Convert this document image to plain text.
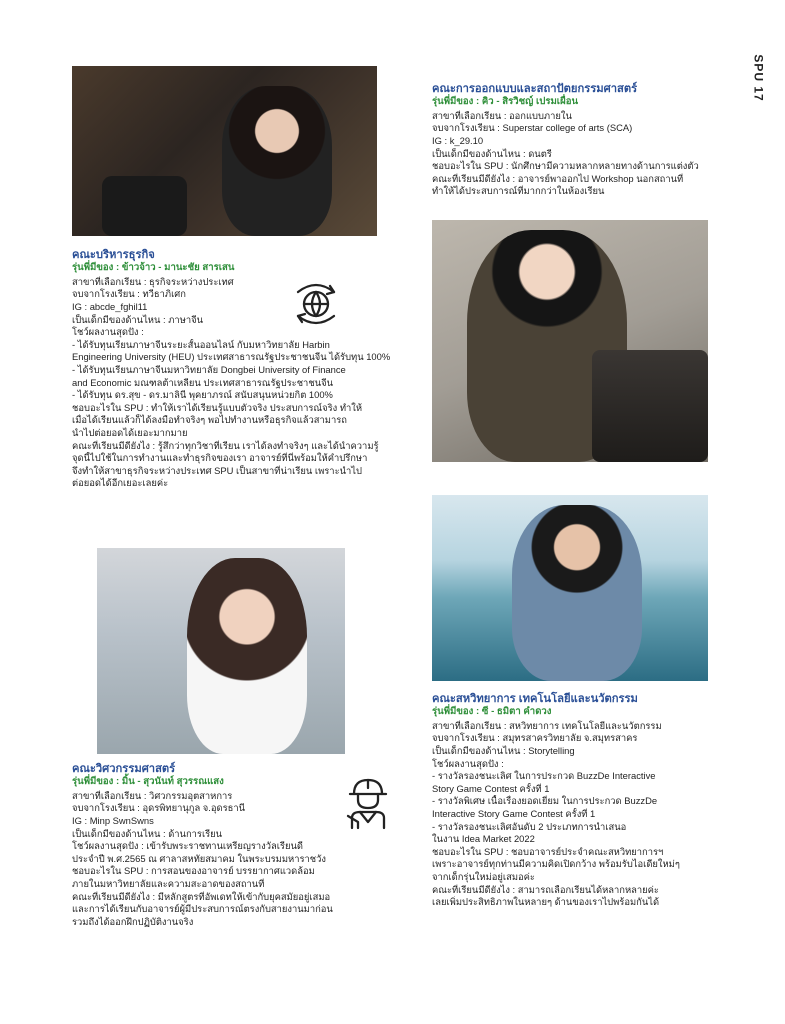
SPU 17

คณะบริหารธุรกิจ

รุ่นพี่มีของ : ข้าวจ้าว - มานะชัย สารเสน

สาขาที่เลือกเรียน : ธุรกิจระหว่างประเทศ
จบจากโรงเรียน : ทวีธาภิเศก
IG : abcde_fghil11
เป็นเด็กมีของด้านไหน : ภาษาจีน
โชว์ผลงานสุดปัง :
- ได้รับทุนเรียนภาษาจีนระยะสั้นออนไลน์ กับมหาวิทยาลัย Harbin
Engineering University (HEU) ประเทศสาธารณรัฐประชาชนจีน ได้รับทุน 100%
- ได้รับทุนเรียนภาษาจีนมหาวิทยาลัย Dongbei University of Finance
and Economic มณฑลต้าเหลียน ประเทศสาธารณรัฐประชาชนจีน
- ได้รับทุน ดร.สุข - ดร.มาลินี พุคยาภรณ์ สนับสนุนหน่วยกิต 100%
ชอบอะไรใน SPU : ทำให้เราได้เรียนรู้แบบตัวจริง ประสบการณ์จริง ทำให้
เมื่อได้เรียนแล้วก็ได้ลงมือทำจริงๆ พอไปทำงานหรือธุรกิจแล้วสามารถ
นำไปต่อยอดได้เยอะมากมาย
คณะที่เรียนมีดียังไง : รู้สึกว่าทุกวิชาที่เรียน เราได้ลงทำจริงๆ และได้นำความรู้
จุดนี้ไปใช้ในการทำงานและทำธุรกิจของเรา อาจารย์ที่นี่พร้อมให้คำปรึกษา
จึงทำให้สาขาธุรกิจระหว่างประเทศ SPU เป็นสาขาที่น่าเรียน เพราะนำไป
ต่อยอดได้อีกเยอะเลยค่ะ

คณะการออกแบบและสถาปัตยกรรมศาสตร์

รุ่นพี่มีของ : คิว - สิรวิชญ์ เปรมเผื่อน

สาขาที่เลือกเรียน : ออกแบบภายใน
จบจากโรงเรียน : Superstar college of arts (SCA)
IG : k_29.10
เป็นเด็กมีของด้านไหน : ดนตรี
ชอบอะไรใน SPU : นักศึกษามีความหลากหลายทางด้านการแต่งตัว
คณะที่เรียนมีดียังไง : อาจารย์พาออกไป Workshop นอกสถานที่
ทำให้ได้ประสบการณ์ที่มากกว่าในห้องเรียน

คณะวิศวกรรมศาสตร์

รุ่นพี่มีของ : มิ้น - สุวนันท์ สุวรรณแสง

สาขาที่เลือกเรียน : วิศวกรรมอุตสาหการ
จบจากโรงเรียน : อุดรพิทยานุกูล จ.อุดรธานี
IG : Minp SwnSwns
เป็นเด็กมีของด้านไหน : ด้านการเรียน
โชว์ผลงานสุดปัง : เข้ารับพระราชทานเหรียญรางวัลเรียนดี
ประจำปี พ.ศ.2565 ณ ศาลาสหทัยสมาคม ในพระบรมมหาราชวัง
ชอบอะไรใน SPU : การสอนของอาจารย์ บรรยากาศแวดล้อม
ภายในมหาวิทยาลัยและความสะอาดของสถานที่
คณะที่เรียนมีดียังไง : มีหลักสูตรที่อัพเดทให้เข้ากับยุคสมัยอยู่เสมอ
และการได้เรียนกับอาจารย์ผู้มีประสบการณ์ตรงกับสายงานมาก่อน
รวมถึงได้ออกฝึกปฏิบัติงานจริง

คณะสหวิทยาการ เทคโนโลยีและนวัตกรรม

รุ่นพี่มีของ : ซี - ธมิตา คำดวง

สาขาที่เลือกเรียน : สหวิทยาการ เทคโนโลยีและนวัตกรรม
จบจากโรงเรียน : สมุทรสาครวิทยาลัย จ.สมุทรสาคร
เป็นเด็กมีของด้านไหน : Storytelling
โชว์ผลงานสุดปัง :
- รางวัลรองชนะเลิศ ในการประกวด BuzzDe Interactive
Story Game Contest ครั้งที่ 1
- รางวัลพิเศษ เนื้อเรื่องยอดเยี่ยม ในการประกวด BuzzDe
Interactive Story Game Contest ครั้งที่ 1
- รางวัลรองชนะเลิศอันดับ 2 ประเภทการนำเสนอ
ในงาน Idea Market 2022
ชอบอะไรใน SPU : ชอบอาจารย์ประจำคณะสหวิทยาการฯ
เพราะอาจารย์ทุกท่านมีความคิดเปิดกว้าง พร้อมรับไอเดียใหม่ๆ
จากเด็กรุ่นใหม่อยู่เสมอค่ะ
คณะที่เรียนมีดียังไง : สามารถเลือกเรียนได้หลากหลายค่ะ
เลยเพิ่มประสิทธิภาพในหลายๆ ด้านของเราไปพร้อมกันได้
